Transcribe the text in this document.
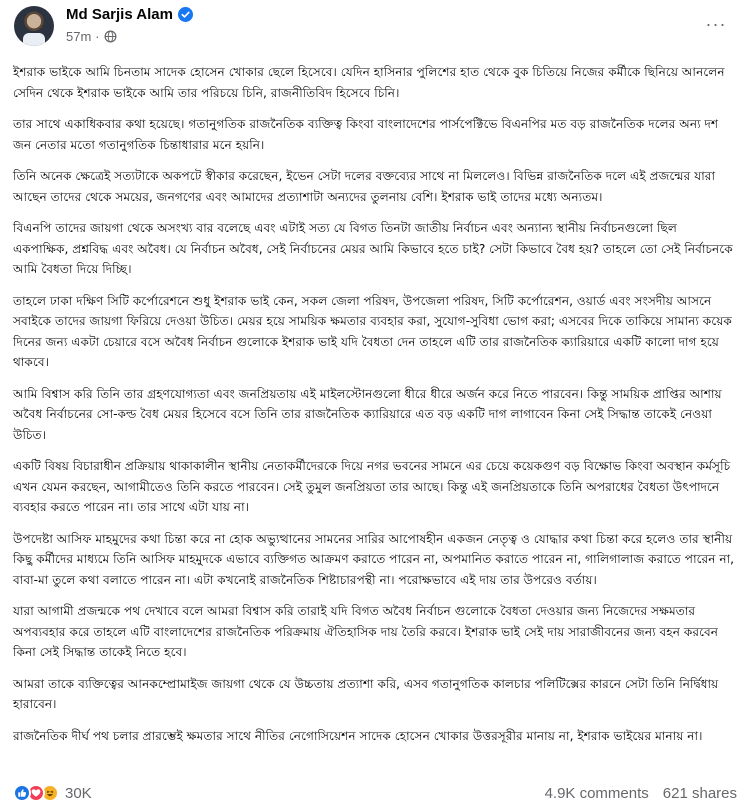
Md Sarjis Alam
57m ·
···

ইশরাক ভাইকে আমি চিনতাম সাদেক হোসেন খোকার ছেলে হিসেবে। যেদিন হাসিনার পুলিশের হাত থেকে বুক চিতিয়ে নিজের কর্মীকে ছিনিয়ে আনলেন সেদিন থেকে ইশরাক ভাইকে আমি তার পরিচয়ে চিনি, রাজনীতিবিদ হিসেবে চিনি।

তার সাথে একাধিকবার কথা হয়েছে। গতানুগতিক রাজনৈতিক ব্যক্তিত্ব কিংবা বাংলাদেশের পার্সপেক্টিভে বিএনপির মত বড় রাজনৈতিক দলের অন্য দশ জন নেতার মতো গতানুগতিক চিন্তাধারার মনে হয়নি।

তিনি অনেক ক্ষেত্রেই সত্যটাকে অকপটে স্বীকার করেছেন, ইভেন সেটা দলের বক্তব্যের সাথে না মিললেও। বিভিন্ন রাজনৈতিক দলে এই প্রজন্মের যারা আছেন তাদের থেকে সময়ের, জনগণের এবং আমাদের প্রত্যাশাটা অন্যদের তুলনায় বেশি। ইশরাক ভাই তাদের মধ্যে অন্যতম।

বিএনপি তাদের জায়গা থেকে অসংখ্য বার বলেছে এবং এটাই সত্য যে বিগত তিনটা জাতীয় নির্বাচন এবং অন্যান্য স্থানীয় নির্বাচনগুলো ছিল একপাক্ষিক, প্রশ্নবিদ্ধ এবং অবৈধ। যে নির্বাচন অবৈধ, সেই নির্বাচনের মেয়র আমি কিভাবে হতে চাই? সেটা কিভাবে বৈধ হয়? তাহলে তো সেই নির্বাচনকে আমি বৈধতা দিয়ে দিচ্ছি।

তাহলে ঢাকা দক্ষিণ সিটি কর্পোরেশনে শুধু ইশরাক ভাই কেন, সকল জেলা পরিষদ, উপজেলা পরিষদ, সিটি কর্পোরেশন, ওয়ার্ড এবং সংসদীয় আসনে সবাইকে তাদের জায়গা ফিরিয়ে দেওয়া উচিত। মেয়র হয়ে সাময়িক ক্ষমতার ব্যবহার করা, সুযোগ-সুবিধা ভোগ করা; এসবের দিকে তাকিয়ে সামান্য কয়েক দিনের জন্য একটা চেয়ারে বসে অবৈধ নির্বাচন গুলোকে ইশরাক ভাই যদি বৈধতা দেন তাহলে এটি তার রাজনৈতিক ক্যারিয়ারে একটি কালো দাগ হয়ে থাকবে।

আমি বিশ্বাস করি তিনি তার গ্রহণযোগ্যতা এবং জনপ্রিয়তায় এই মাইলস্টোনগুলো ধীরে ধীরে অর্জন করে নিতে পারবেন। কিন্তু সাময়িক প্রাপ্তির আশায় অবৈধ নির্বাচনের সো-কল্ড বৈধ মেয়র হিসেবে বসে তিনি তার রাজনৈতিক ক্যারিয়ারে এত বড় একটি দাগ লাগাবেন কিনা সেই সিদ্ধান্ত তাকেই নেওয়া উচিত।

একটি বিষয় বিচারাধীন প্রক্রিয়ায় থাকাকালীন স্থানীয় নেতাকর্মীদেরকে দিয়ে নগর ভবনের সামনে এর চেয়ে কয়েকগুণ বড় বিক্ষোভ কিংবা অবস্থান কর্মসূচি এখন যেমন করছেন, আগামীতেও তিনি করতে পারবেন। সেই তুমুল জনপ্রিয়তা তার আছে। কিন্তু এই জনপ্রিয়তাকে তিনি অপরাধের বৈধতা উৎপাদনে ব্যবহার করতে পারেন না। তার সাথে এটা যায় না।

উপদেষ্টা আসিফ মাহমুদের কথা চিন্তা করে না হোক অভ্যুত্থানের সামনের সারির আপোষহীন একজন নেতৃত্ব ও যোদ্ধার কথা চিন্তা করে হলেও তার স্থানীয় কিছু কর্মীদের মাধ্যমে তিনি আসিফ মাহমুদকে এভাবে ব্যক্তিগত আক্রমণ করাতে পারেন না, অপমানিত করাতে পারেন না, গালিগালাজ করাতে পারেন না, বাবা-মা তুলে কথা বলাতে পারেন না। এটা কখনোই রাজনৈতিক শিষ্টাচারপন্থী না। পরোক্ষভাবে এই দায় তার উপরেও বর্তায়।

যারা আগামী প্রজন্মকে পথ দেখাবে বলে আমরা বিশ্বাস করি তারাই যদি বিগত অবৈধ নির্বাচন গুলোকে বৈধতা দেওয়ার জন্য নিজেদের সক্ষমতার অপব্যবহার করে তাহলে এটি বাংলাদেশের রাজনৈতিক পরিক্রমায় ঐতিহাসিক দায় তৈরি করবে। ইশরাক ভাই সেই দায় সারাজীবনের জন্য বহন করবেন কিনা সেই সিদ্ধান্ত তাকেই নিতে হবে।

আমরা তাকে ব্যক্তিত্বের আনকম্প্রোমাইজ জায়গা থেকে যে উচ্চতায় প্রত্যাশা করি, এসব গতানুগতিক কালচার পলিটিক্সের কারনে সেটা তিনি নির্দ্বিধায় হারাবেন।

রাজনৈতিক দীর্ঘ পথ চলার প্রারম্ভেই ক্ষমতার সাথে নীতির নেগোসিয়েশন সাদেক হোসেন খোকার উত্তরসূরীর মানায় না, ইশরাক ভাইয়ের মানায় না।

30K	4.9K comments 621 shares
